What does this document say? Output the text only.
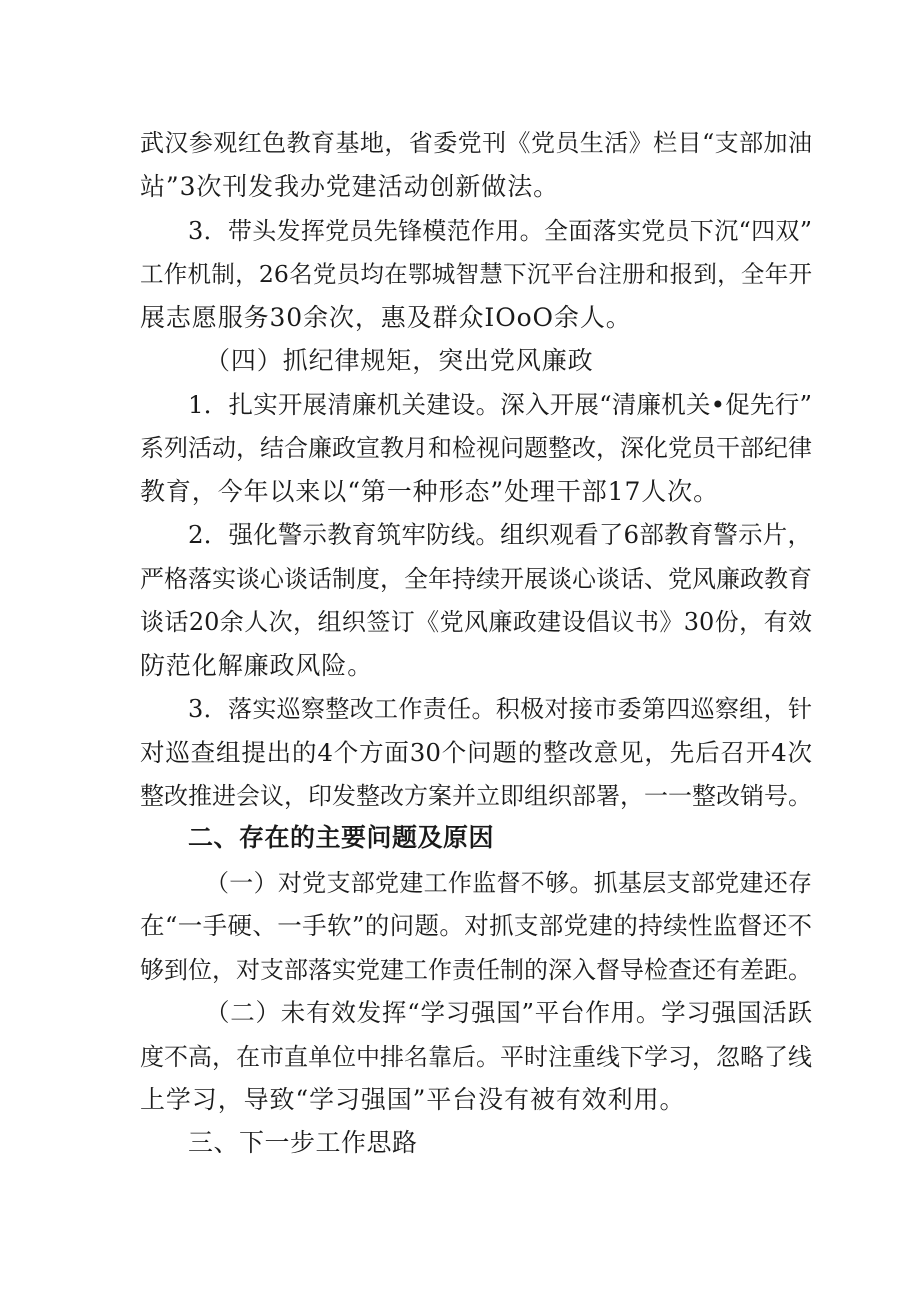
武汉参观红色教育基地，省委党刊《党员生活》栏目“支部加油
站”3次刊发我办党建活动创新做法。
3．带头发挥党员先锋模范作用。全面落实党员下沉“四双”
工作机制，26名党员均在鄂城智慧下沉平台注册和报到，全年开
展志愿服务30余次，惠及群众IOoO余人。
（四）抓纪律规矩，突出党风廉政
1．扎实开展清廉机关建设。深入开展“清廉机关•促先行”
系列活动，结合廉政宣教月和检视问题整改，深化党员干部纪律
教育，今年以来以“第一种形态”处理干部17人次。
2．强化警示教育筑牢防线。组织观看了6部教育警示片，
严格落实谈心谈话制度，全年持续开展谈心谈话、党风廉政教育
谈话20余人次，组织签订《党风廉政建设倡议书》30份，有效
防范化解廉政风险。
3．落实巡察整改工作责任。积极对接市委第四巡察组，针
对巡查组提出的4个方面30个问题的整改意见，先后召开4次
整改推进会议，印发整改方案并立即组织部署，一一整改销号。
二、存在的主要问题及原因
（一）对党支部党建工作监督不够。抓基层支部党建还存
在“一手硬、一手软”的问题。对抓支部党建的持续性监督还不
够到位，对支部落实党建工作责任制的深入督导检查还有差距。
（二）未有效发挥“学习强国”平台作用。学习强国活跃
度不高，在市直单位中排名靠后。平时注重线下学习，忽略了线
上学习，导致“学习强国”平台没有被有效利用。
三、下一步工作思路
